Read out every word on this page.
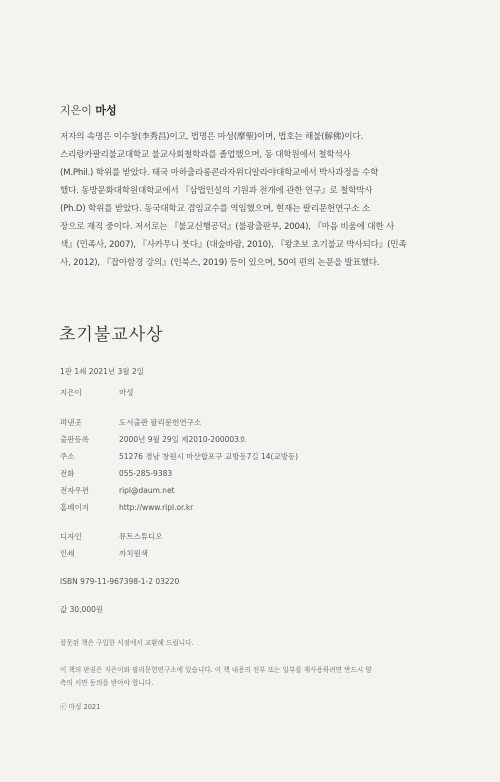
지은이 마성

저자의 속명은 이수창(李秀昌)이고, 법명은 마성(摩聖)이며, 법호는 해불(解佛)이다.

스리랑카팔리불교대학교 불교사회철학과를 졸업했으며, 동 대학원에서 철학석사

(M.Phil.) 학위를 받았다. 태국 마하출라롱콘라자위디알라야대학교에서 박사과정을 수학

했다. 동방문화대학원대학교에서 『삼법인설의 기원과 전개에 관한 연구』로 철학박사

(Ph.D) 학위를 받았다. 동국대학교 겸임교수를 역임했으며, 현재는 팔리문헌연구소 소

장으로 재직 중이다. 저서로는 『불교신행공덕』(불광출판부, 2004), 『마음 비움에 대한 사

색』(민족사, 2007), 『사카무니 붓다』(대숲바람, 2010), 『왕초보 초기불교 박사되다』(민족

사, 2012), 『잡아함경 강의』(인북스, 2019) 등이 있으며, 50여 편의 논문을 발표했다.

초기불교사상
1판 1쇄 2021년 3월 2일
지은이	마성
펴낸곳	도서출판 팔리문헌연구소
출판등록	2000년 9월 29일 제2010-200003호
주소	51276 경남 창원시 마산합포구 교방동7길 14(교방동)
전화	055-285-9383
전자우편	ripl@daum.net
홈페이지	http://www.ripl.or.kr
디자인	뮤트스튜디오
인쇄	까치원색
ISBN 979-11-967398-1-2 03220
값 30,000원
잘못된 책은 구입한 서점에서 교환해 드립니다.
이 책의 판권은 지은이와 팔리문헌연구소에 있습니다. 이 책 내용의 전부 또는 일부를 재사용하려면 반드시 양
측의 서면 동의를 받아야 합니다.
ⓒ 마성 2021
